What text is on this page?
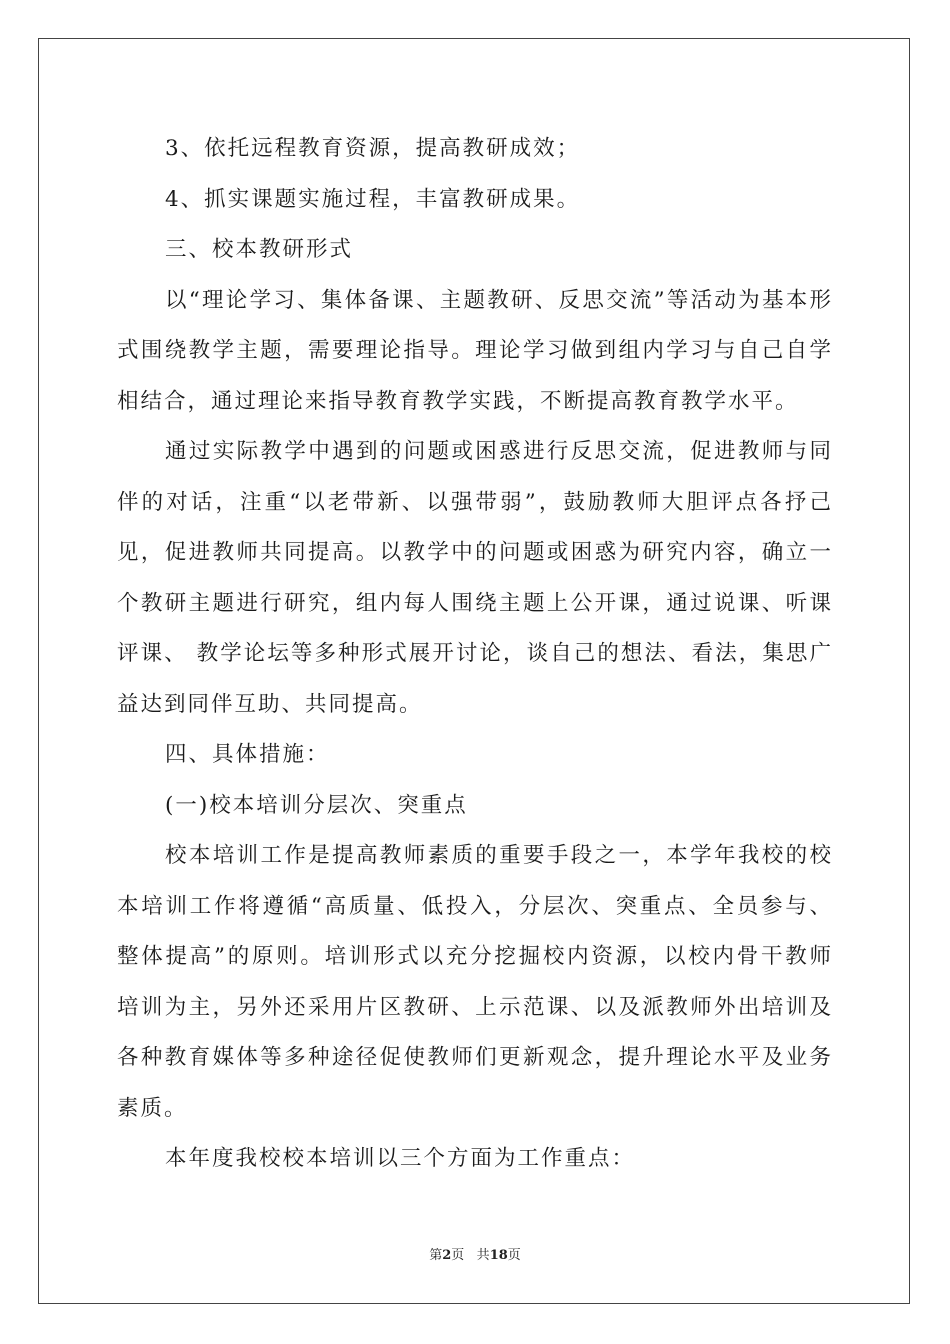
3、依托远程教育资源，提高教研成效；

4、抓实课题实施过程，丰富教研成果。

三、校本教研形式

以“理论学习、集体备课、主题教研、反思交流”等活动为基本形式围绕教学主题，需要理论指导。理论学习做到组内学习与自己自学相结合，通过理论来指导教育教学实践，不断提高教育教学水平。

通过实际教学中遇到的问题或困惑进行反思交流，促进教师与同伴的对话，注重“以老带新、以强带弱”，鼓励教师大胆评点各抒己见，促进教师共同提高。以教学中的问题或困惑为研究内容，确立一个教研主题进行研究，组内每人围绕主题上公开课，通过说课、听课评课、 教学论坛等多种形式展开讨论，谈自己的想法、看法，集思广益达到同伴互助、共同提高。

四、具体措施：

(一)校本培训分层次、突重点

校本培训工作是提高教师素质的重要手段之一，本学年我校的校本培训工作将遵循“高质量、低投入，分层次、突重点、全员参与、整体提高”的原则。培训形式以充分挖掘校内资源，以校内骨干教师培训为主，另外还采用片区教研、上示范课、以及派教师外出培训及各种教育媒体等多种途径促使教师们更新观念，提升理论水平及业务素质。

本年度我校校本培训以三个方面为工作重点：

第2页 共18页
